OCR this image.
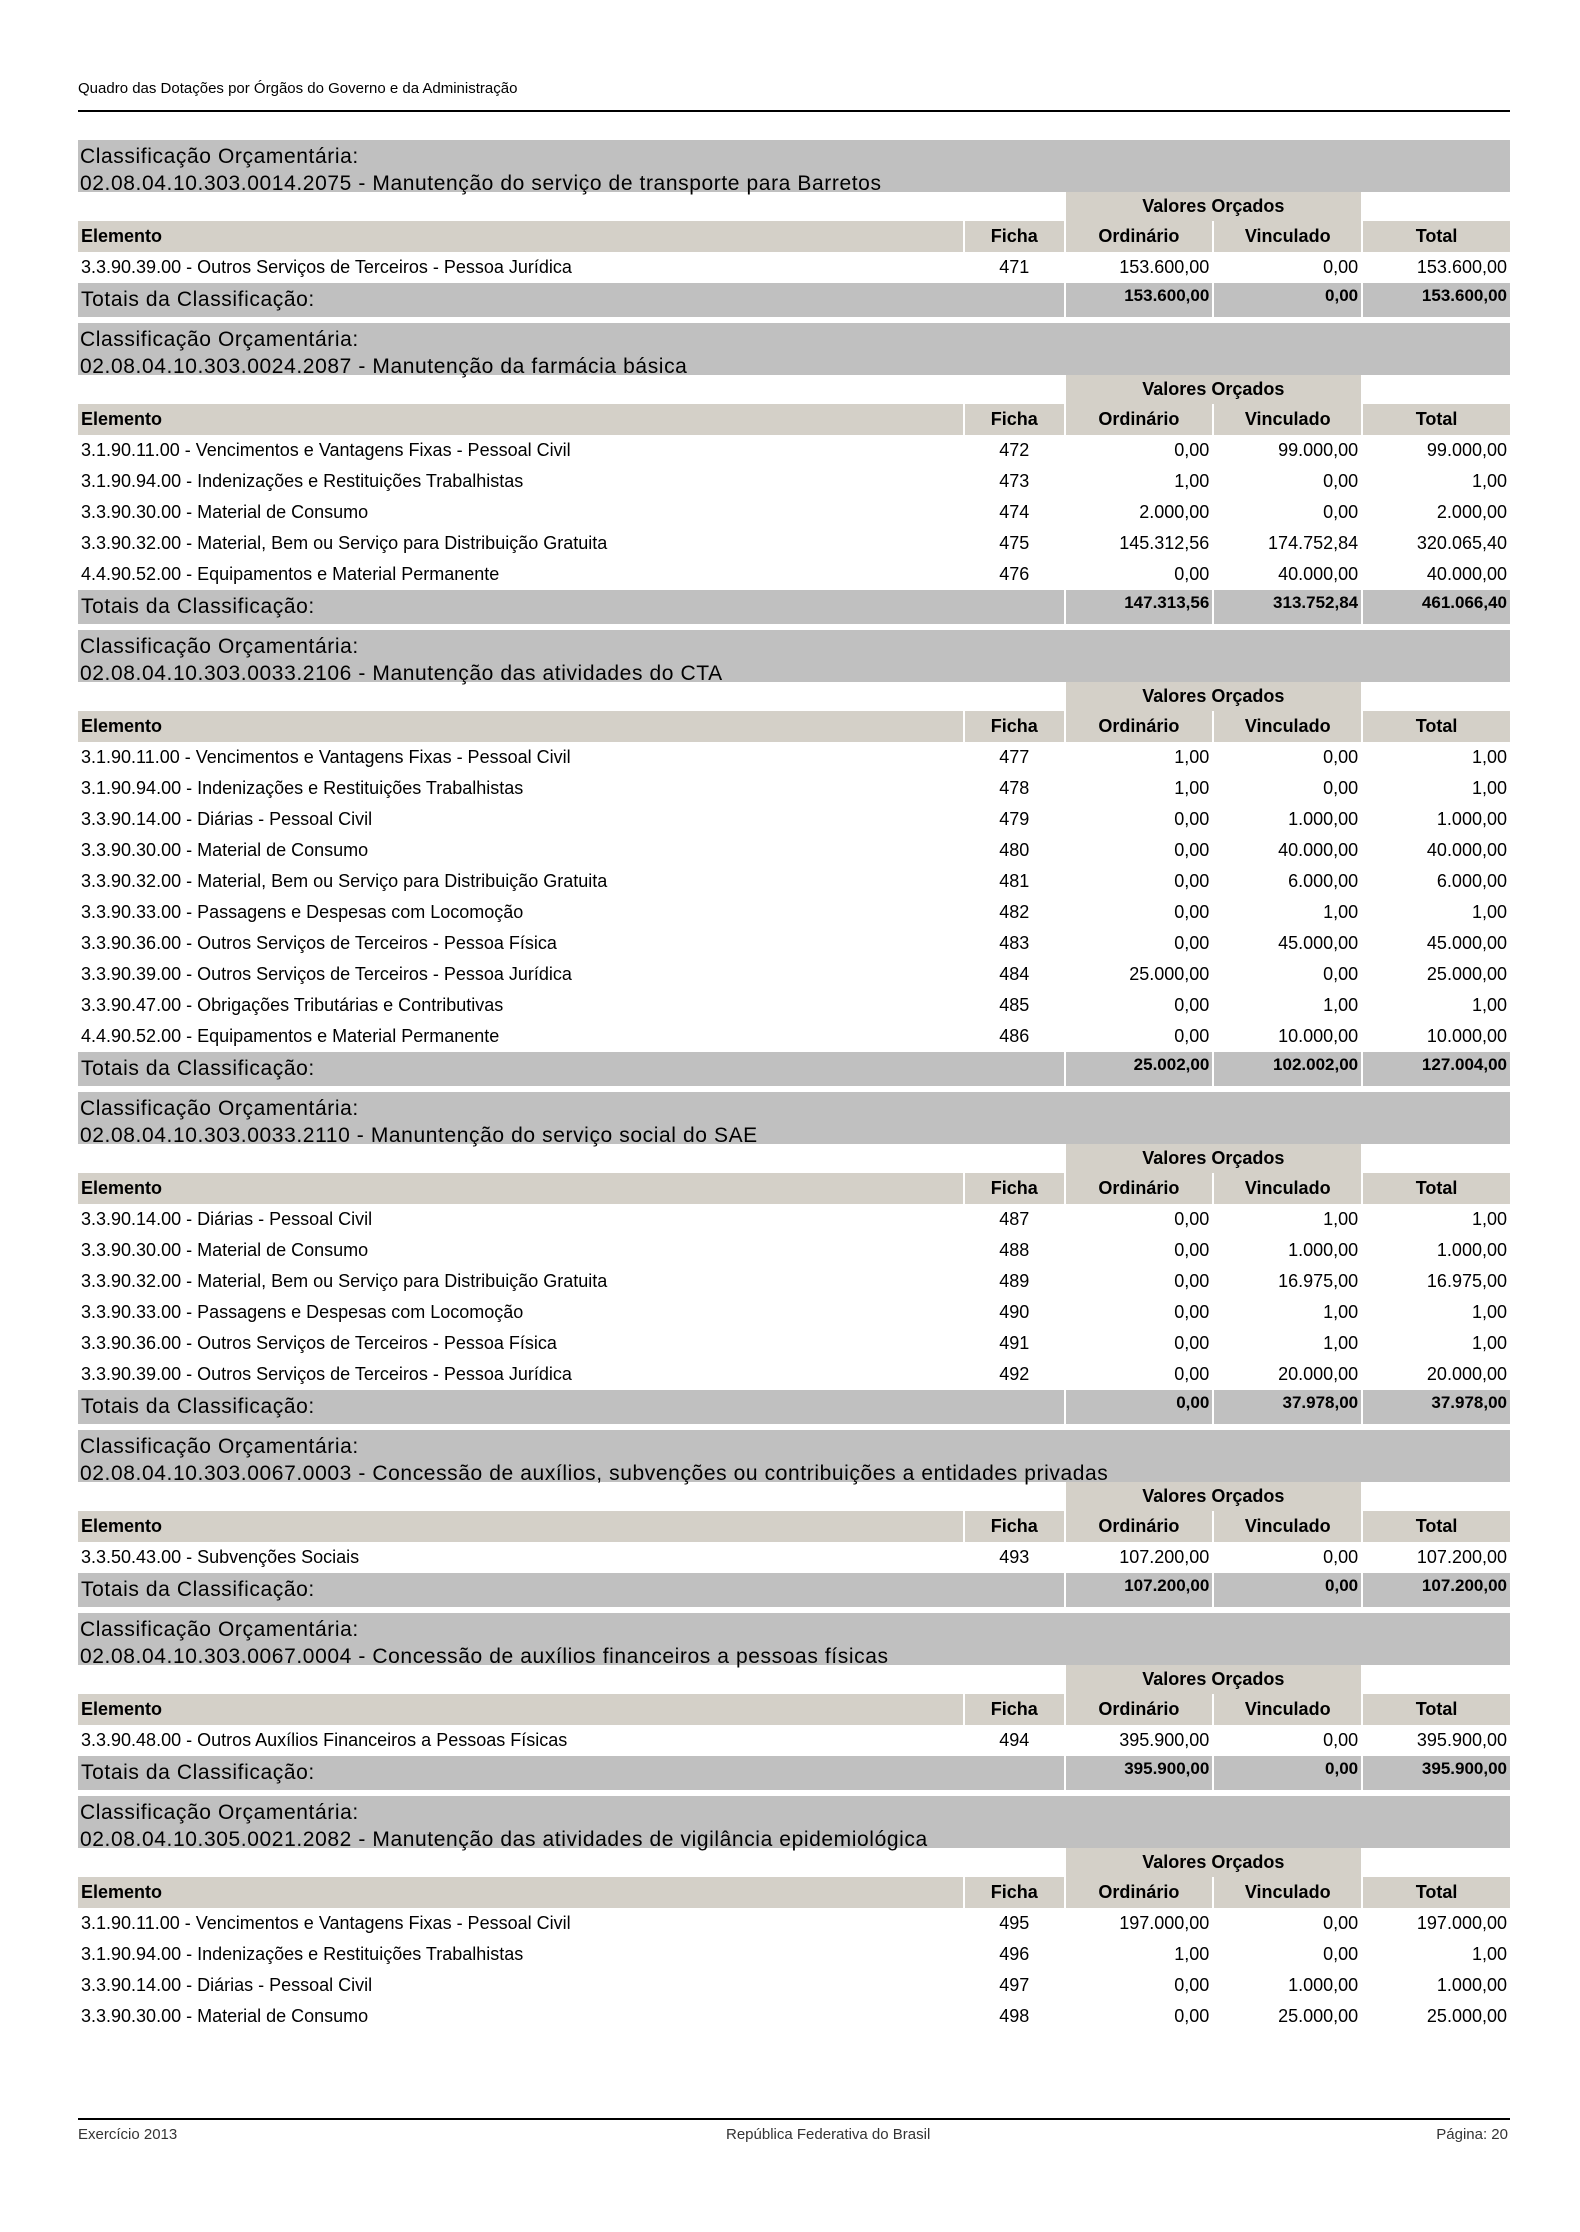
Quadro das Dotações por Órgãos do Governo e da Administração
Classificação Orçamentária:
02.08.04.10.303.0014.2075 - Manutenção do serviço de transporte para Barretos
		Valores Orçados		
Elemento	Ficha	Ordinário	Vinculado	Total
3.3.90.39.00 - Outros Serviços de Terceiros - Pessoa Jurídica	471	153.600,00	0,00	153.600,00
Totais da Classificação:		153.600,00	0,00	153.600,00
Classificação Orçamentária:
02.08.04.10.303.0024.2087 - Manutenção da farmácia básica
		Valores Orçados		
Elemento	Ficha	Ordinário	Vinculado	Total
3.1.90.11.00 - Vencimentos e Vantagens Fixas - Pessoal Civil	472	0,00	99.000,00	99.000,00
3.1.90.94.00 - Indenizações e Restituições Trabalhistas	473	1,00	0,00	1,00
3.3.90.30.00 - Material de Consumo	474	2.000,00	0,00	2.000,00
3.3.90.32.00 - Material, Bem ou Serviço para Distribuição Gratuita	475	145.312,56	174.752,84	320.065,40
4.4.90.52.00 - Equipamentos e Material Permanente	476	0,00	40.000,00	40.000,00
Totais da Classificação:		147.313,56	313.752,84	461.066,40
Classificação Orçamentária:
02.08.04.10.303.0033.2106 - Manutenção das atividades do CTA
		Valores Orçados		
Elemento	Ficha	Ordinário	Vinculado	Total
3.1.90.11.00 - Vencimentos e Vantagens Fixas - Pessoal Civil	477	1,00	0,00	1,00
3.1.90.94.00 - Indenizações e Restituições Trabalhistas	478	1,00	0,00	1,00
3.3.90.14.00 - Diárias - Pessoal Civil	479	0,00	1.000,00	1.000,00
3.3.90.30.00 - Material de Consumo	480	0,00	40.000,00	40.000,00
3.3.90.32.00 - Material, Bem ou Serviço para Distribuição Gratuita	481	0,00	6.000,00	6.000,00
3.3.90.33.00 - Passagens e Despesas com Locomoção	482	0,00	1,00	1,00
3.3.90.36.00 - Outros Serviços de Terceiros - Pessoa Física	483	0,00	45.000,00	45.000,00
3.3.90.39.00 - Outros Serviços de Terceiros - Pessoa Jurídica	484	25.000,00	0,00	25.000,00
3.3.90.47.00 - Obrigações Tributárias e Contributivas	485	0,00	1,00	1,00
4.4.90.52.00 - Equipamentos e Material Permanente	486	0,00	10.000,00	10.000,00
Totais da Classificação:		25.002,00	102.002,00	127.004,00
Classificação Orçamentária:
02.08.04.10.303.0033.2110 - Manuntenção do serviço social do SAE
		Valores Orçados		
Elemento	Ficha	Ordinário	Vinculado	Total
3.3.90.14.00 - Diárias - Pessoal Civil	487	0,00	1,00	1,00
3.3.90.30.00 - Material de Consumo	488	0,00	1.000,00	1.000,00
3.3.90.32.00 - Material, Bem ou Serviço para Distribuição Gratuita	489	0,00	16.975,00	16.975,00
3.3.90.33.00 - Passagens e Despesas com Locomoção	490	0,00	1,00	1,00
3.3.90.36.00 - Outros Serviços de Terceiros - Pessoa Física	491	0,00	1,00	1,00
3.3.90.39.00 - Outros Serviços de Terceiros - Pessoa Jurídica	492	0,00	20.000,00	20.000,00
Totais da Classificação:		0,00	37.978,00	37.978,00
Classificação Orçamentária:
02.08.04.10.303.0067.0003 - Concessão de auxílios, subvenções ou contribuições a entidades privadas
		Valores Orçados		
Elemento	Ficha	Ordinário	Vinculado	Total
3.3.50.43.00 - Subvenções Sociais	493	107.200,00	0,00	107.200,00
Totais da Classificação:		107.200,00	0,00	107.200,00
Classificação Orçamentária:
02.08.04.10.303.0067.0004 - Concessão de auxílios financeiros a pessoas físicas
		Valores Orçados		
Elemento	Ficha	Ordinário	Vinculado	Total
3.3.90.48.00 - Outros Auxílios Financeiros a Pessoas Físicas	494	395.900,00	0,00	395.900,00
Totais da Classificação:		395.900,00	0,00	395.900,00
Classificação Orçamentária:
02.08.04.10.305.0021.2082 - Manutenção das atividades de vigilância epidemiológica
		Valores Orçados		
Elemento	Ficha	Ordinário	Vinculado	Total
3.1.90.11.00 - Vencimentos e Vantagens Fixas - Pessoal Civil	495	197.000,00	0,00	197.000,00
3.1.90.94.00 - Indenizações e Restituições Trabalhistas	496	1,00	0,00	1,00
3.3.90.14.00 - Diárias - Pessoal Civil	497	0,00	1.000,00	1.000,00
3.3.90.30.00 - Material de Consumo	498	0,00	25.000,00	25.000,00
Exercício 2013	República Federativa do Brasil	Página: 20
